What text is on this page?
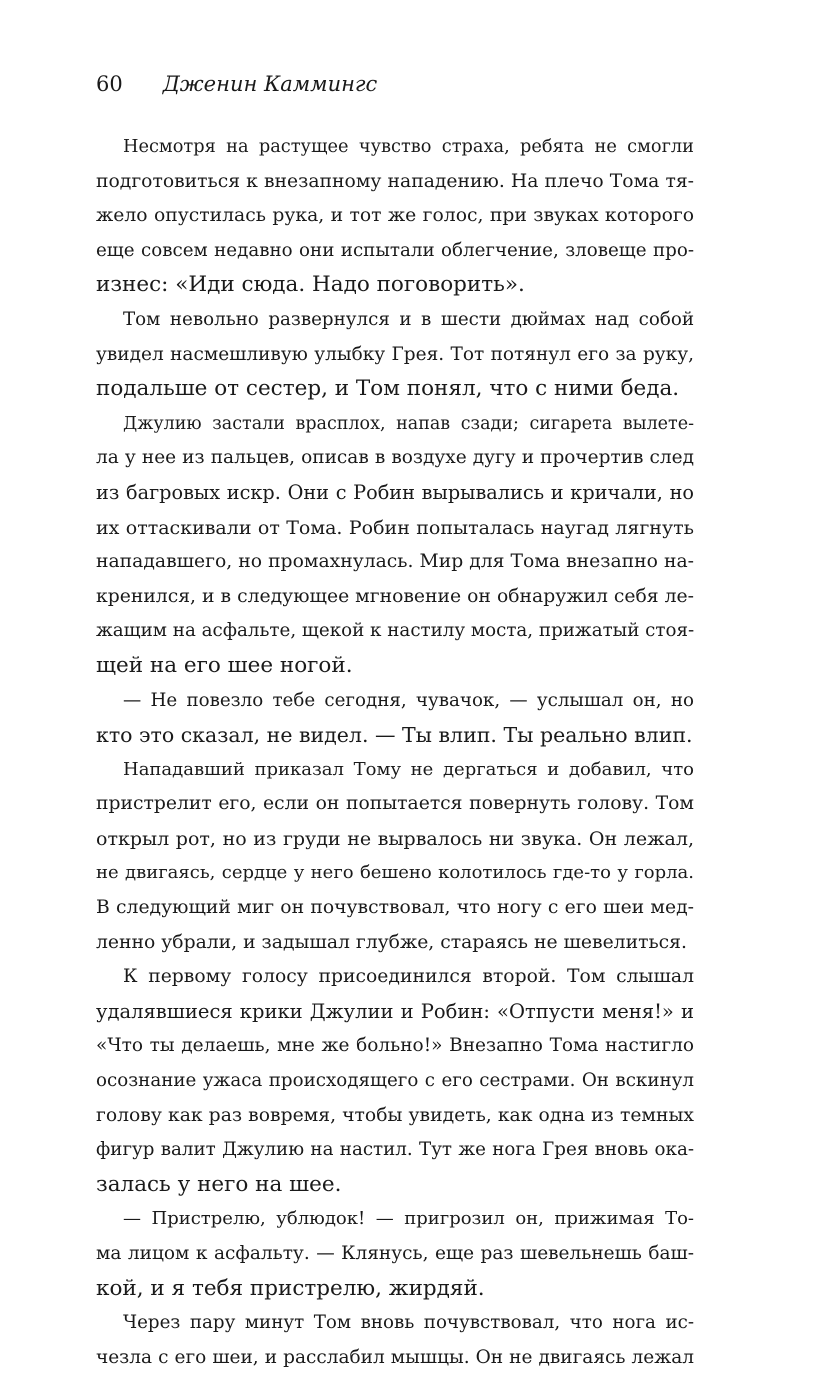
60 Дженин Каммингс
Несмотря на растущее чувство страха, ребята не смогли
подготовиться к внезапному нападению. На плечо Тома тя-
жело опустилась рука, и тот же голос, при звуках которого
еще совсем недавно они испытали облегчение, зловеще про-
изнес: «Иди сюда. Надо поговорить».
Том невольно развернулся и в шести дюймах над собой
увидел насмешливую улыбку Грея. Тот потянул его за руку,
подальше от сестер, и Том понял, что с ними беда.
Джулию застали врасплох, напав сзади; сигарета вылете-
ла у нее из пальцев, описав в воздухе дугу и прочертив след
из багровых искр. Они с Робин вырывались и кричали, но
их оттаскивали от Тома. Робин попыталась наугад лягнуть
нападавшего, но промахнулась. Мир для Тома внезапно на-
кренился, и в следующее мгновение он обнаружил себя ле-
жащим на асфальте, щекой к настилу моста, прижатый стоя-
щей на его шее ногой.
— Не повезло тебе сегодня, чувачок, — услышал он, но
кто это сказал, не видел. — Ты влип. Ты реально влип.
Нападавший приказал Тому не дергаться и добавил, что
пристрелит его, если он попытается повернуть голову. Том
открыл рот, но из груди не вырвалось ни звука. Он лежал,
не двигаясь, сердце у него бешено колотилось где-то у горла.
В следующий миг он почувствовал, что ногу с его шеи мед-
ленно убрали, и задышал глубже, стараясь не шевелиться.
К первому голосу присоединился второй. Том слышал
удалявшиеся крики Джулии и Робин: «Отпусти меня!» и
«Что ты делаешь, мне же больно!» Внезапно Тома настигло
осознание ужаса происходящего с его сестрами. Он вскинул
голову как раз вовремя, чтобы увидеть, как одна из темных
фигур валит Джулию на настил. Тут же нога Грея вновь ока-
залась у него на шее.
— Пристрелю, ублюдок! — пригрозил он, прижимая То-
ма лицом к асфальту. — Клянусь, еще раз шевельнешь баш-
кой, и я тебя пристрелю, жирдяй.
Через пару минут Том вновь почувствовал, что нога ис-
чезла с его шеи, и расслабил мышцы. Он не двигаясь лежал
